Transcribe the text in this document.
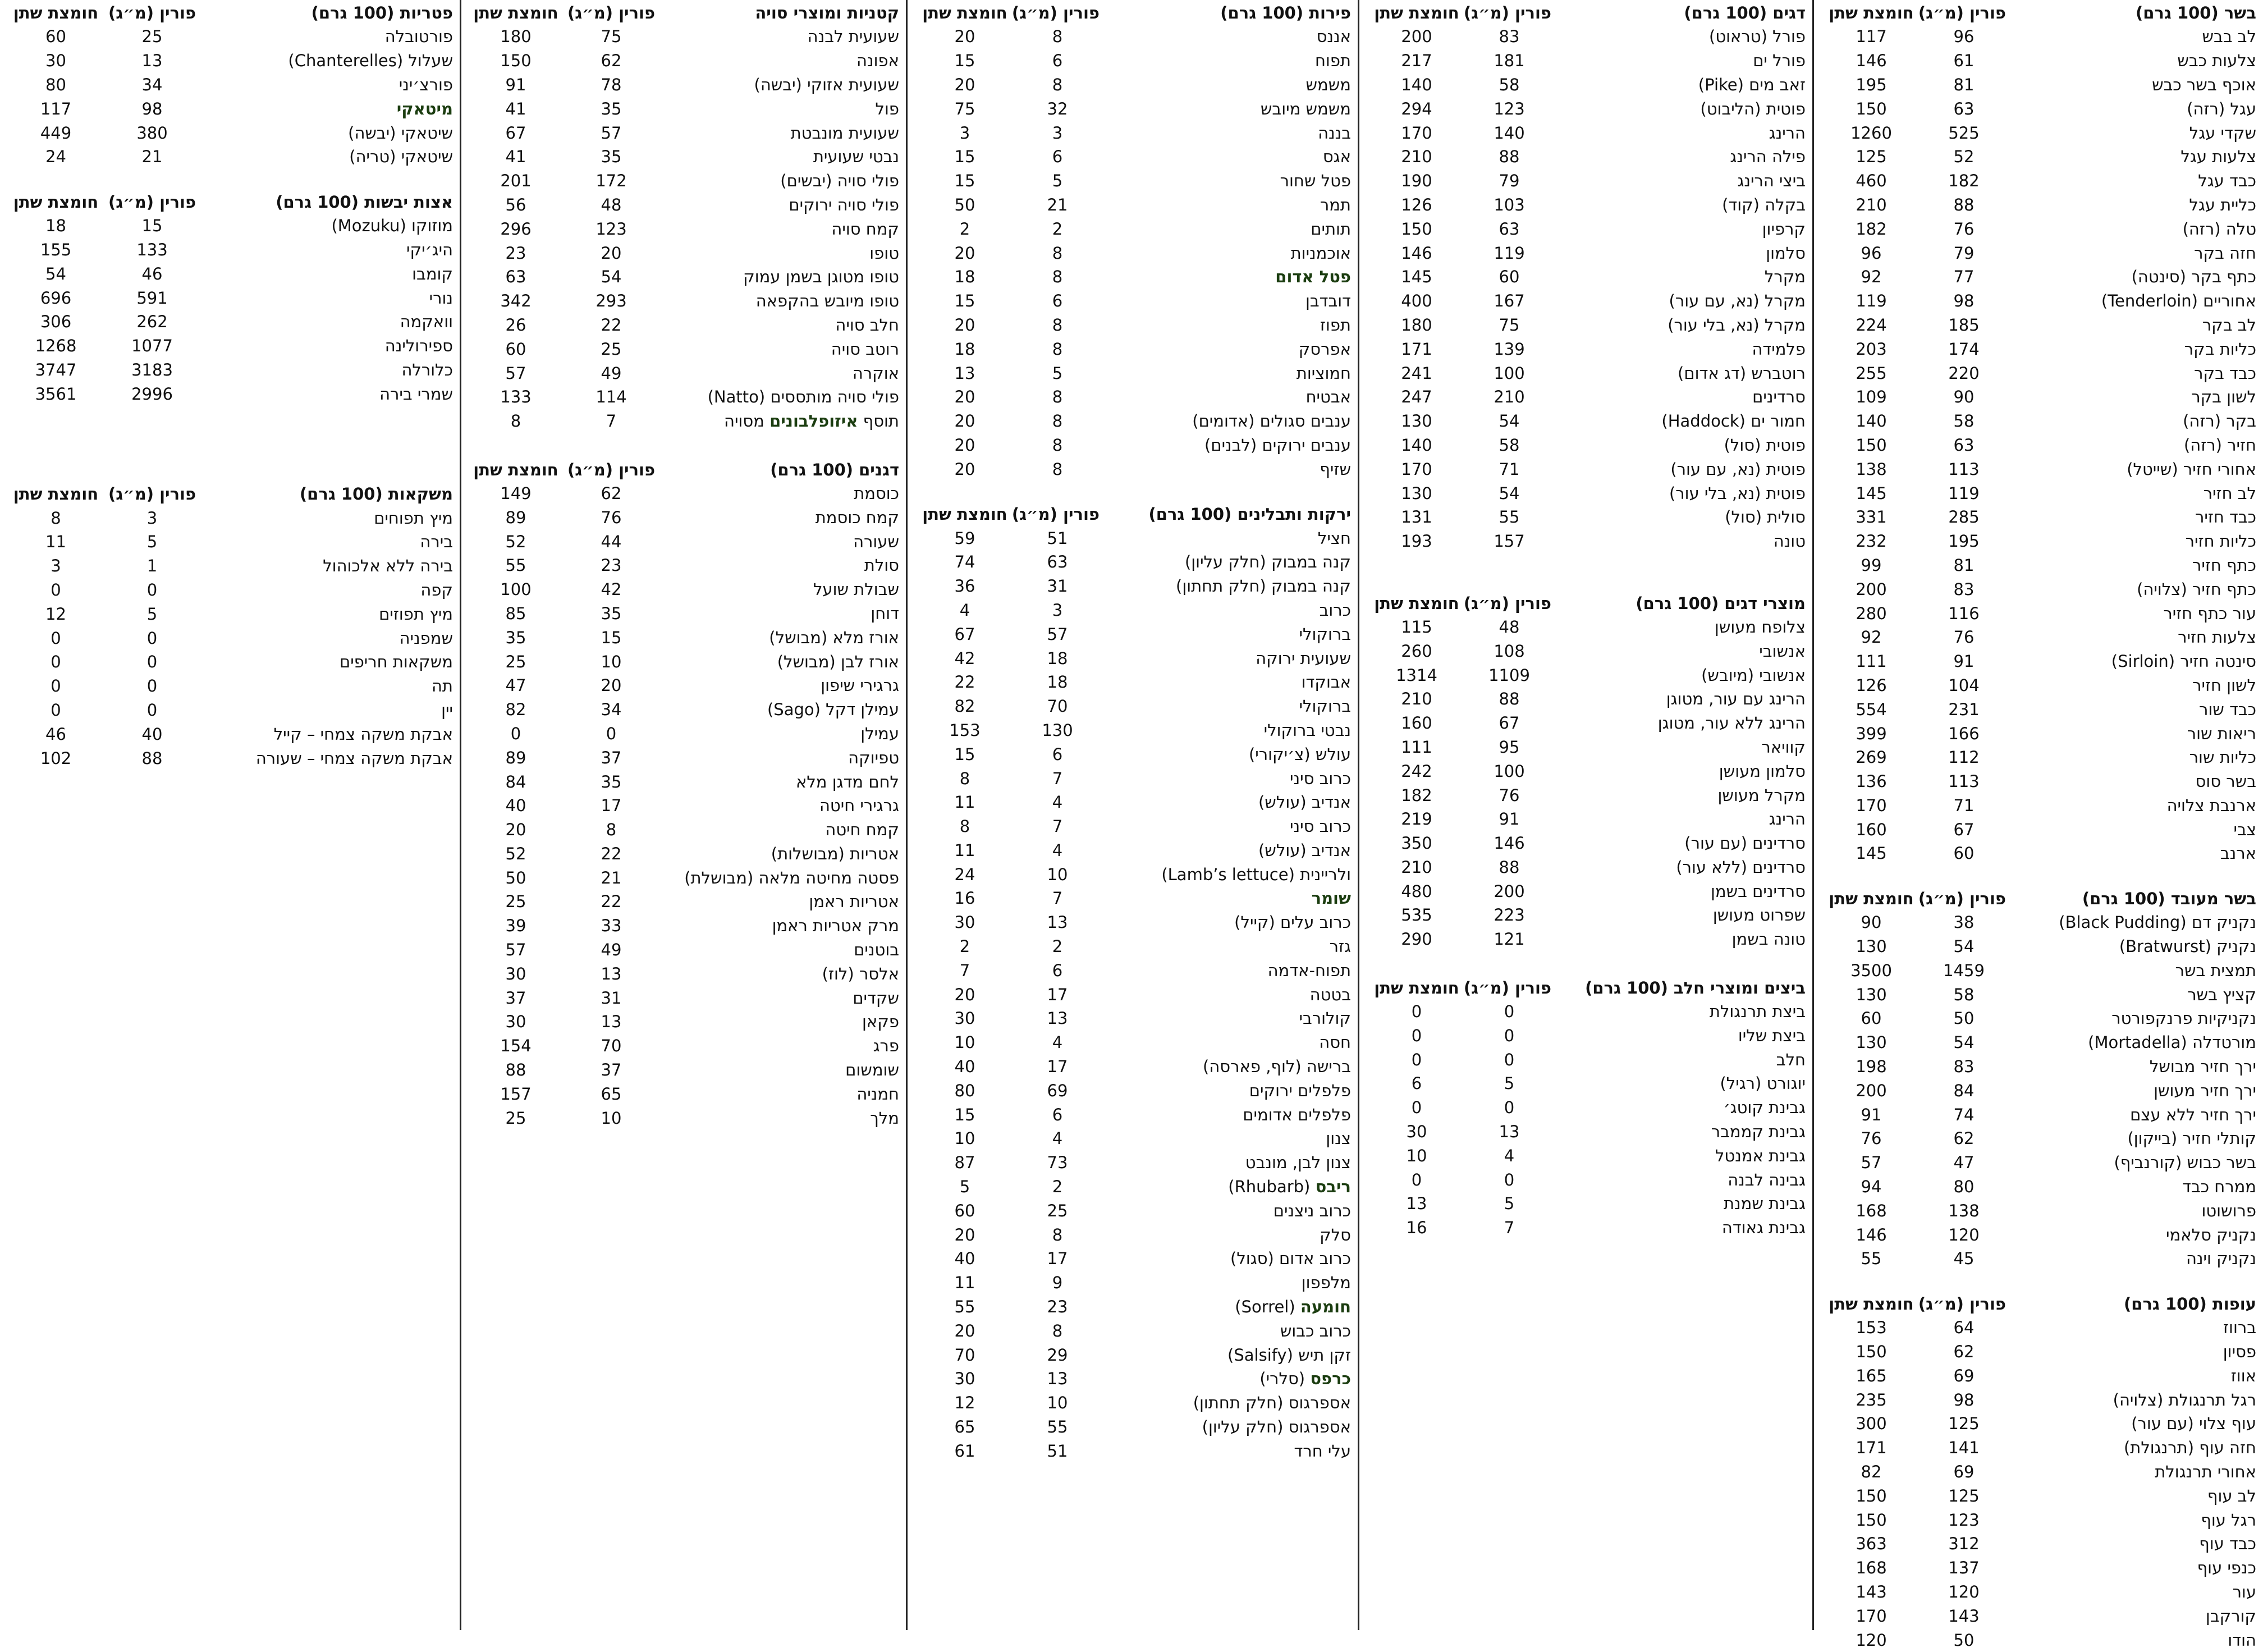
בשר (100 גרם)
פורין (מ״ג)
חומצת שתן
לב בבש
96
117
צלעות כבש
61
146
אוכף בשר כבש
81
195
עגל (רזה)
63
150
שקדי עגל
525
1260
צלעות עגל
52
125
כבד עגל
182
460
כליית עגל
88
210
טלה (רזה)
76
182
חזה בקר
79
96
כתף בקר (סינטה)
77
92
אחוריים (Tenderloin)
98
119
לב בקר
185
224
כליות בקר
174
203
כבד בקר
220
255
לשון בקר
90
109
בקר (רזה)
58
140
חזיר (רזה)
63
150
אחורי חזיר (שייטל)
113
138
לב חזיר
119
145
כבד חזיר
285
331
כליות חזיר
195
232
כתף חזיר
81
99
כתף חזיר (צלויה)
83
200
עור כתף חזיר
116
280
צלעות חזיר
76
92
סינטה חזיר (Sirloin)
91
111
לשון חזיר
104
126
כבד שור
231
554
ריאות שור
166
399
כליות שור
112
269
בשר סוס
113
136
ארנבת צלויה
71
170
צבי
67
160
ארנב
60
145
בשר מעובד (100 גרם)
פורין (מ״ג)
חומצת שתן
נקניק דם (Black Pudding)
38
90
נקניק (Bratwurst)
54
130
תמצית בשר
1459
3500
קציץ בשר
58
130
נקניקיות פרנקפורטר
50
60
מורטדלה (Mortadella)
54
130
ירך חזיר מבושל
83
198
ירך חזיר מעושן
84
200
ירך חזיר ללא עצם
74
91
קותלי חזיר (בייקון)
62
76
בשר כבוש (קורנביף)
47
57
ממרח כבד
80
94
פרושוטו
138
168
נקניק סלאמי
120
146
נקניק וינה
45
55
עופות (100 גרם)
פורין (מ״ג)
חומצת שתן
ברווז
64
153
פסיון
62
150
אווז
69
165
רגל תרנגולת (צלויה)
98
235
עוף צלוי (עם עור)
125
300
חזה עוף (תרנגולת)
141
171
אחורי תרנגולת
69
82
לב עוף
125
150
רגל עוף
123
150
כבד עוף
312
363
כנפי עוף
137
168
עור
120
143
קורקבן
143
170
הודו
50
120
דגים (100 גרם)
פורין (מ״ג)
חומצת שתן
פורל (טראוט)
83
200
פורל ים
181
217
זאב מים (Pike)
58
140
פוטית (הליבוט)
123
294
הרינג
140
170
פילה הרינג
88
210
ביצי הרינג
79
190
בקלה (קוד)
103
126
קרפיון
63
150
סלמון
119
146
מקרל
60
145
מקרל (נא, עם עור)
167
400
מקרל (נא, בלי עור)
75
180
פלמידה
139
171
רוטברש (דג אדום)
100
241
סרדינים
210
247
חמור ים (Haddock)
54
130
פוטית (סול)
58
140
פוטית (נא, עם עור)
71
170
פוטית (נא, בלי עור)
54
130
סולית (סול)
55
131
טונה
157
193
מוצרי דגים (100 גרם)
פורין (מ״ג)
חומצת שתן
צלופח מעושן
48
115
אנשובי
108
260
אנשובי (מיובש)
1109
1314
הרינג עם עור, מטוגן
88
210
הרינג ללא עור, מטוגן
67
160
קוויאר
95
111
סלמון מעושן
100
242
מקרל מעושן
76
182
הרינג
91
219
סרדינים (עם עור)
146
350
סרדינים (ללא עור)
88
210
סרדינים בשמן
200
480
שפרוט מעושן
223
535
טונה בשמן
121
290
ביצים ומוצרי חלב (100 גרם)
פורין (מ״ג)
חומצת שתן
ביצת תרנגולת
0
0
ביצת שליו
0
0
חלב
0
0
יוגורט (רגיל)
5
6
גבינת קוטג׳
0
0
גבינת קממבר
13
30
גבינת אמנטל
4
10
גבינה לבנה
0
0
גבינת שמנת
5
13
גבינת גאודה
7
16
פירות (100 גרם)
פורין (מ״ג)
חומצת שתן
אננס
8
20
תפוח
6
15
משמש
8
20
משמש מיובש
32
75
בננה
3
3
אגס
6
15
פטל שחור
5
15
תמר
21
50
תותים
2
2
אוכמניות
8
20
פטל אדום
8
18
דובדבן
6
15
תפוז
8
20
אפרסק
8
18
חמוציות
5
13
אבטיח
8
20
ענבים סגולים (אדומים)
8
20
ענבים ירוקים (לבנים)
8
20
שזיף
8
20
ירקות ותבלינים (100 גרם)
פורין (מ״ג)
חומצת שתן
חציל
51
59
קנה במבוק (חלק עליון)
63
74
קנה במבוק (חלק תחתון)
31
36
כרוב
3
4
ברוקולי
57
67
שעועית ירוקה
18
42
אבוקדו
18
22
ברוקולי
70
82
נבטי ברוקולי
130
153
עולש (צ׳יקורי)
6
15
כרוב סיני
7
8
אנדיב (עולש)
4
11
כרוב סיני
7
8
אנדיב (עולש)
4
11
ולריינית (Lamb’s lettuce)
10
24
שומר
7
16
כרוב עלים (קייל)
13
30
גזר
2
2
תפוח-אדמה
6
7
בטטה
17
20
קולורבי
13
30
חסה
4
10
ברישה (לוף, פארסה)
17
40
פלפלים ירוקים
69
80
פלפלים אדומים
6
15
צנון
4
10
צנון לבן, מונבט
73
87
ריבס (Rhubarb)
2
5
כרוב ניצנים
25
60
סלק
8
20
כרוב אדום (סגול)
17
40
מלפפון
9
11
חומעה (Sorrel)
23
55
כרוב כבוש
8
20
זקן תיש (Salsify)
29
70
כרפס (סלרי)
13
30
אספרגוס (חלק תחתון)
10
12
אספרגוס (חלק עליון)
55
65
עלי חרד
51
61
קטניות ומוצרי סויה
פורין (מ״ג)
חומצת שתן
שעועית לבנה
75
180
אפונה
62
150
שעועית אזוקי (יבשה)
78
91
פול
35
41
שעועית מונבטת
57
67
נבטי שעועית
35
41
פולי סויה (יבשים)
172
201
פולי סויה ירוקים
48
56
קמח סויה
123
296
טופו
20
23
טופו מטוגן בשמן עמוק
54
63
טופו מיובש בהקפאה
293
342
חלב סויה
22
26
רוטב סויה
25
60
אוקרה
49
57
פולי סויה מותססים (Natto)
114
133
תוסף איזופלבונים מסויה
7
8
דגנים (100 גרם)
פורין (מ״ג)
חומצת שתן
כוסמת
62
149
קמח כוסמת
76
89
שעורה
44
52
סולת
23
55
שבולת שועל
42
100
דוחן
35
85
אורז מלא (מבושל)
15
35
אורז לבן (מבושל)
10
25
גרגירי שיפון
20
47
עמילן דקל (Sago)
34
82
עמילן
0
0
טפיוקה
37
89
לחם מדגן מלא
35
84
גרגירי חיטה
17
40
קמח חיטה
8
20
אטריות (מבושלות)
22
52
פסטה מחיטה מלאה (מבושלת)
21
50
אטריות ראמן
22
25
מרק אטריות ראמן
33
39
בוטנים
49
57
אלסר (לוז)
13
30
שקדים
31
37
פקאן
13
30
פרג
70
154
שומשום
37
88
חמניה
65
157
מלך
10
25
פטריות (100 גרם)
פורין (מ״ג)
חומצת שתן
פורטובלה
25
60
שעלול (Chanterelles)
13
30
פורצ׳יני
34
80
מיטאקי
98
117
שיטאקי (יבשה)
380
449
שיטאקי (טריה)
21
24
אצות יבשות (100 גרם)
פורין (מ״ג)
חומצת שתן
מוזוקו (Mozuku)
15
18
היג׳יקי
133
155
קומבו
46
54
נורי
591
696
וואקמה
262
306
ספירולינה
1077
1268
כלורלה
3183
3747
שמרי בירה
2996
3561
משקאות (100 גרם)
פורין (מ״ג)
חומצת שתן
מיץ תפוחים
3
8
בירה
5
11
בירה ללא אלכוהול
1
3
קפה
0
0
מיץ תפוזים
5
12
שמפניה
0
0
משקאות חריפים
0
0
תה
0
0
יין
0
0
אבקת משקה צמחי – קייל
40
46
אבקת משקה צמחי – שעורה
88
102
